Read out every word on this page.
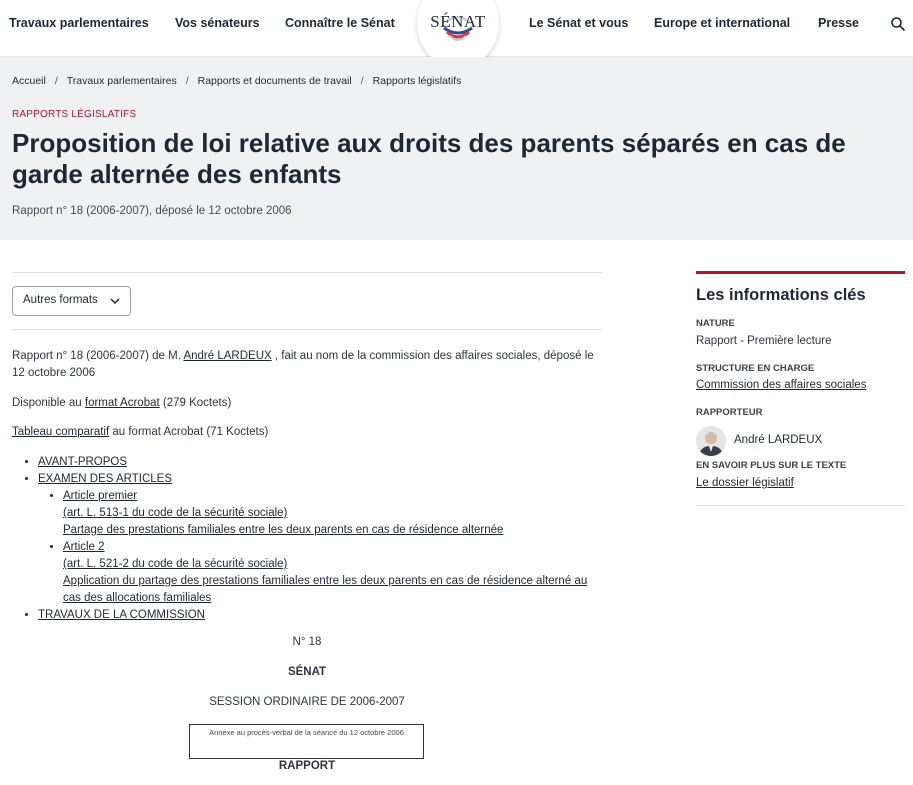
Travaux parlementaires Vos sénateurs Connaître le Sénat	SÉNAT	Le Sénat et vous Europe et international Presse
Accueil / Travaux parlementaires / Rapports et documents de travail / Rapports législatifs
RAPPORTS LÉGISLATIFS
Proposition de loi relative aux droits des parents séparés en cas de garde alternée des enfants
Rapport n° 18 (2006-2007), déposé le 12 octobre 2006
Autres formats
Rapport n° 18 (2006-2007) de M. André LARDEUX , fait au nom de la commission des affaires sociales, déposé le 12 octobre 2006
Disponible au format Acrobat (279 Koctets)
Tableau comparatif au format Acrobat (71 Koctets)
• AVANT-PROPOS
• EXAMEN DES ARTICLES
• Article premier
(art. L. 513-1 du code de la sécurité sociale)
Partage des prestations familiales entre les deux parents en cas de résidence alternée
• Article 2
(art. L. 521-2 du code de la sécurité sociale)
Application du partage des prestations familiales entre les deux parents en cas de résidence alterné au cas des allocations familiales
• TRAVAUX DE LA COMMISSION
N° 18
SÉNAT
SESSION ORDINAIRE DE 2006-2007
Annexe au procès-verbal de la séance du 12 octobre 2006
RAPPORT
Les informations clés
NATURE
Rapport - Première lecture
STRUCTURE EN CHARGE
Commission des affaires sociales
RAPPORTEUR
André LARDEUX
EN SAVOIR PLUS SUR LE TEXTE
Le dossier législatif
